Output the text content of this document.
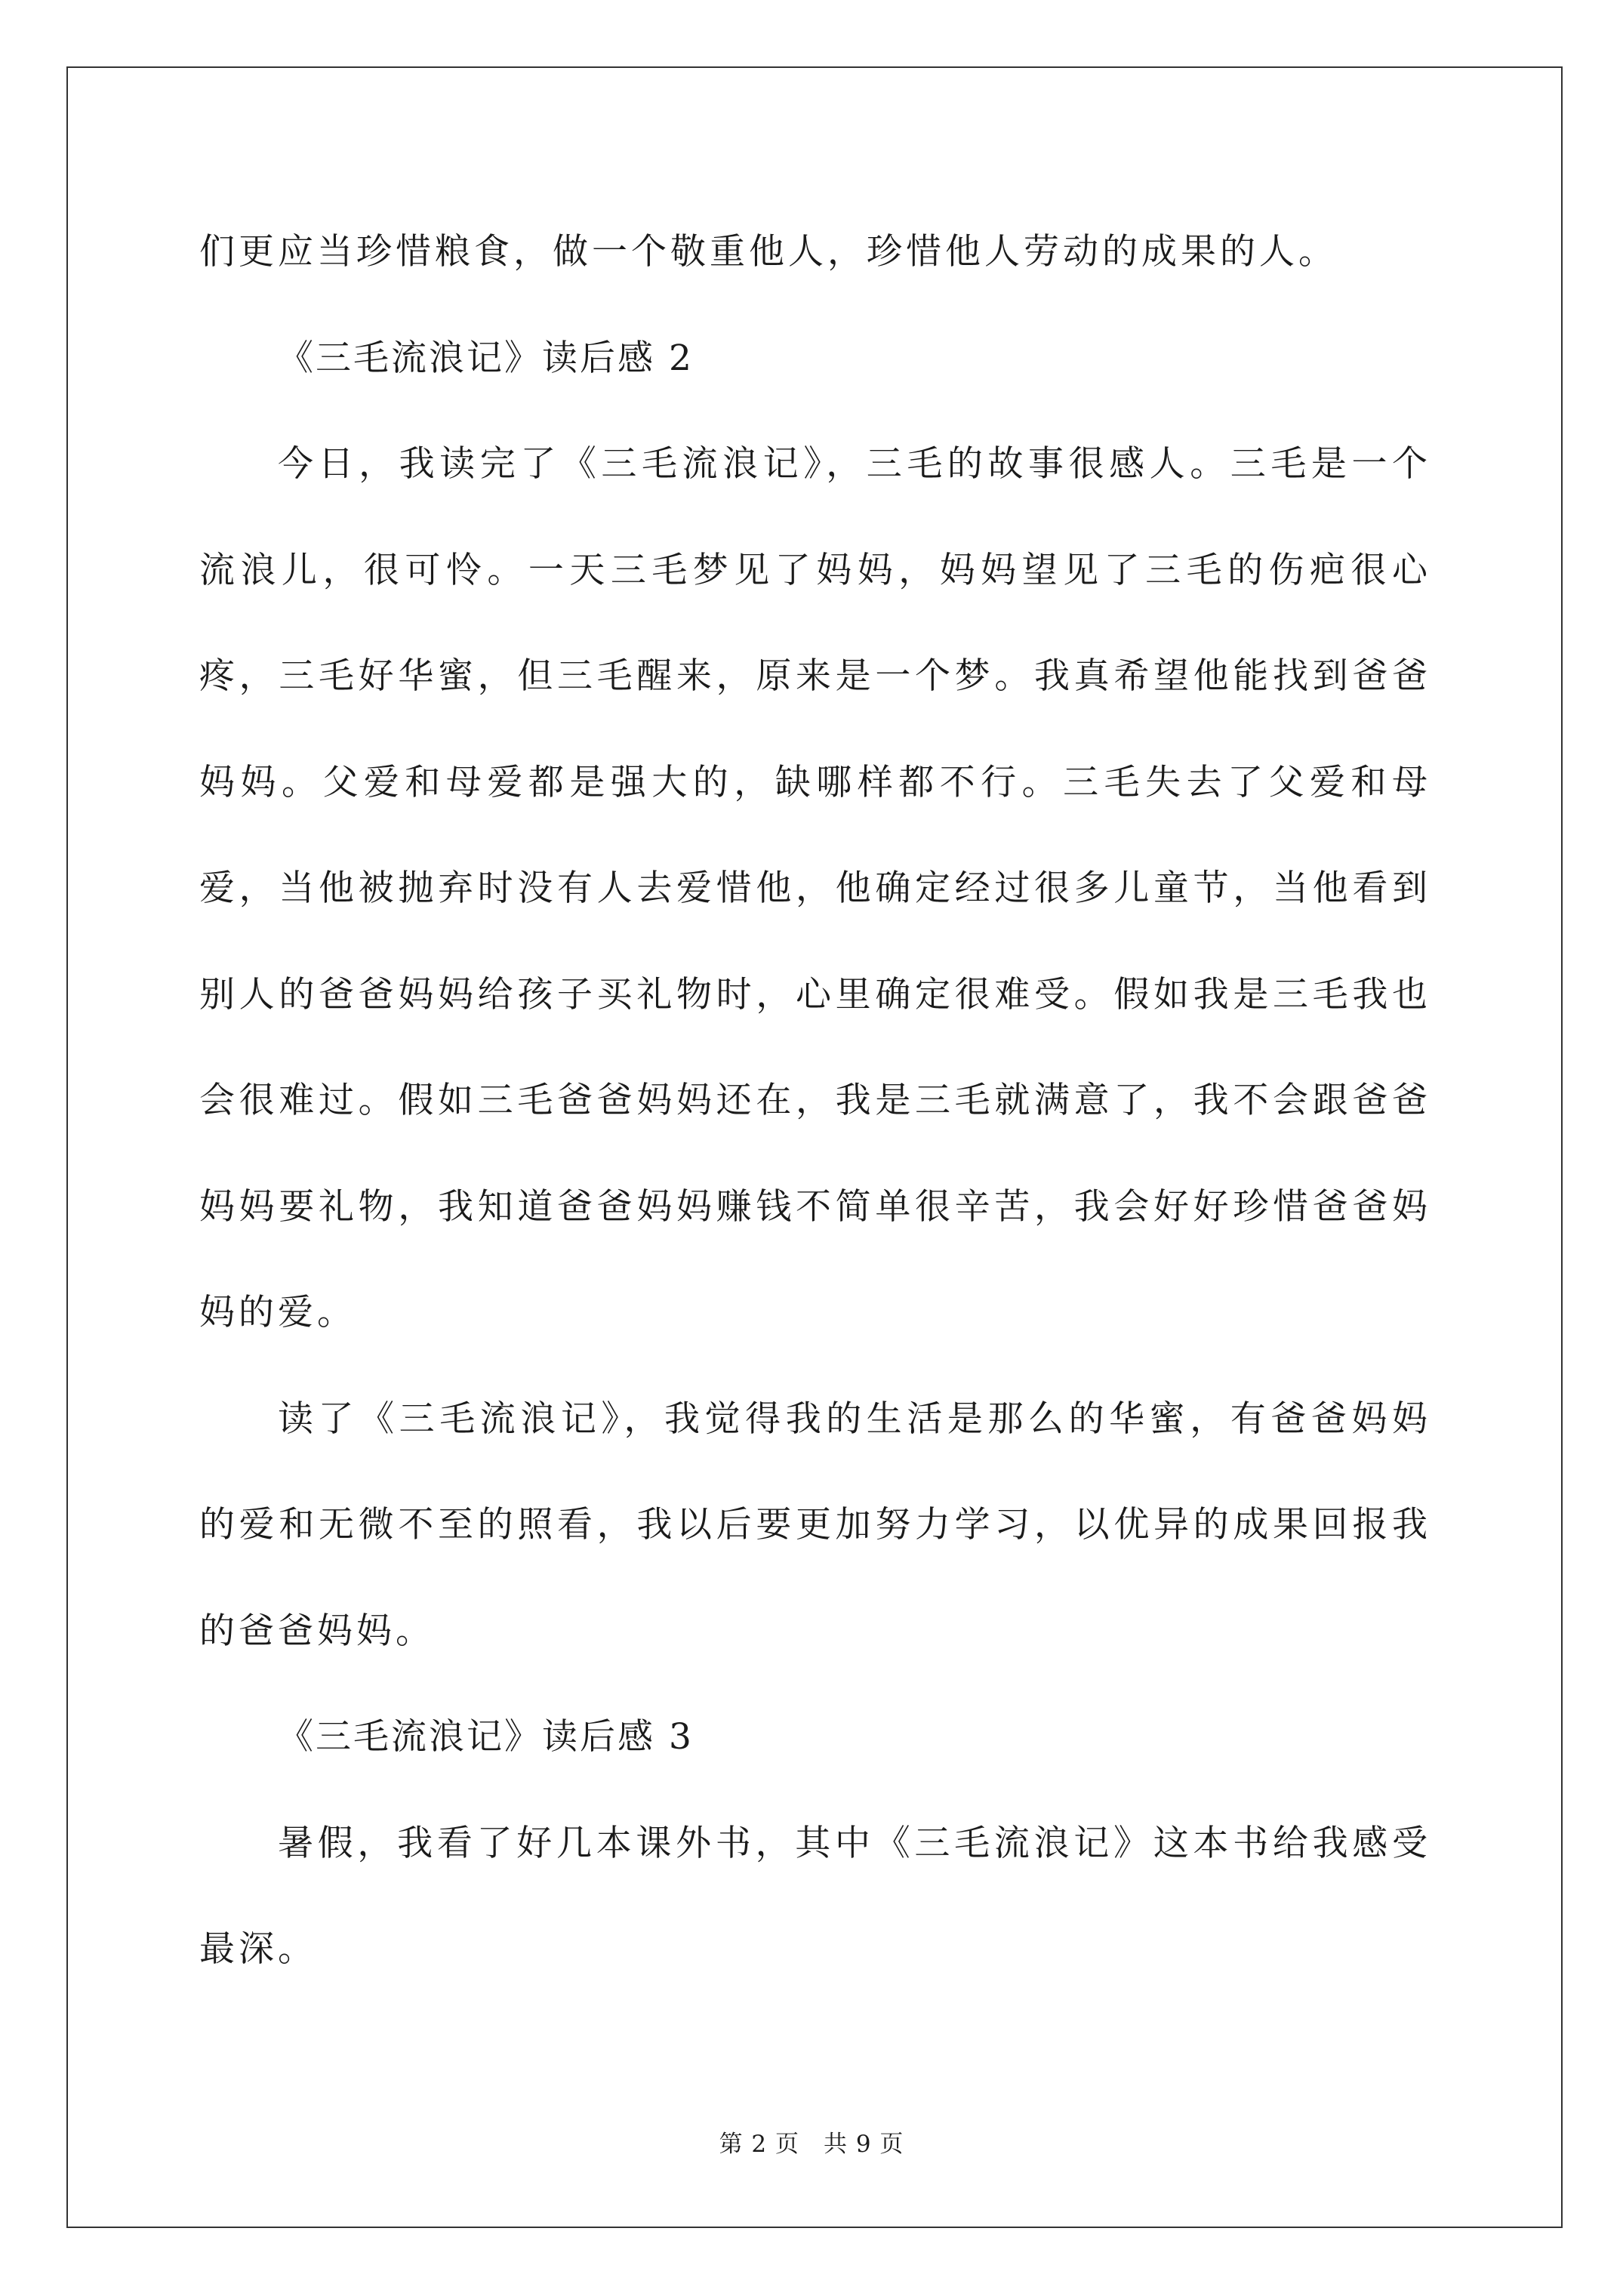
们更应当珍惜粮食，做一个敬重他人，珍惜他人劳动的成果的人。

《三毛流浪记》读后感 2

今日，我读完了《三毛流浪记》，三毛的故事很感人。三毛是一个流浪儿，很可怜。一天三毛梦见了妈妈，妈妈望见了三毛的伤疤很心疼，三毛好华蜜，但三毛醒来，原来是一个梦。我真希望他能找到爸爸妈妈。父爱和母爱都是强大的，缺哪样都不行。三毛失去了父爱和母爱，当他被抛弃时没有人去爱惜他，他确定经过很多儿童节，当他看到别人的爸爸妈妈给孩子买礼物时，心里确定很难受。假如我是三毛我也会很难过。假如三毛爸爸妈妈还在，我是三毛就满意了，我不会跟爸爸妈妈要礼物，我知道爸爸妈妈赚钱不简单很辛苦，我会好好珍惜爸爸妈妈的爱。

读了《三毛流浪记》，我觉得我的生活是那么的华蜜，有爸爸妈妈的爱和无微不至的照看，我以后要更加努力学习，以优异的成果回报我的爸爸妈妈。

《三毛流浪记》读后感 3

暑假，我看了好几本课外书，其中《三毛流浪记》这本书给我感受最深。

第 2 页　共 9 页
